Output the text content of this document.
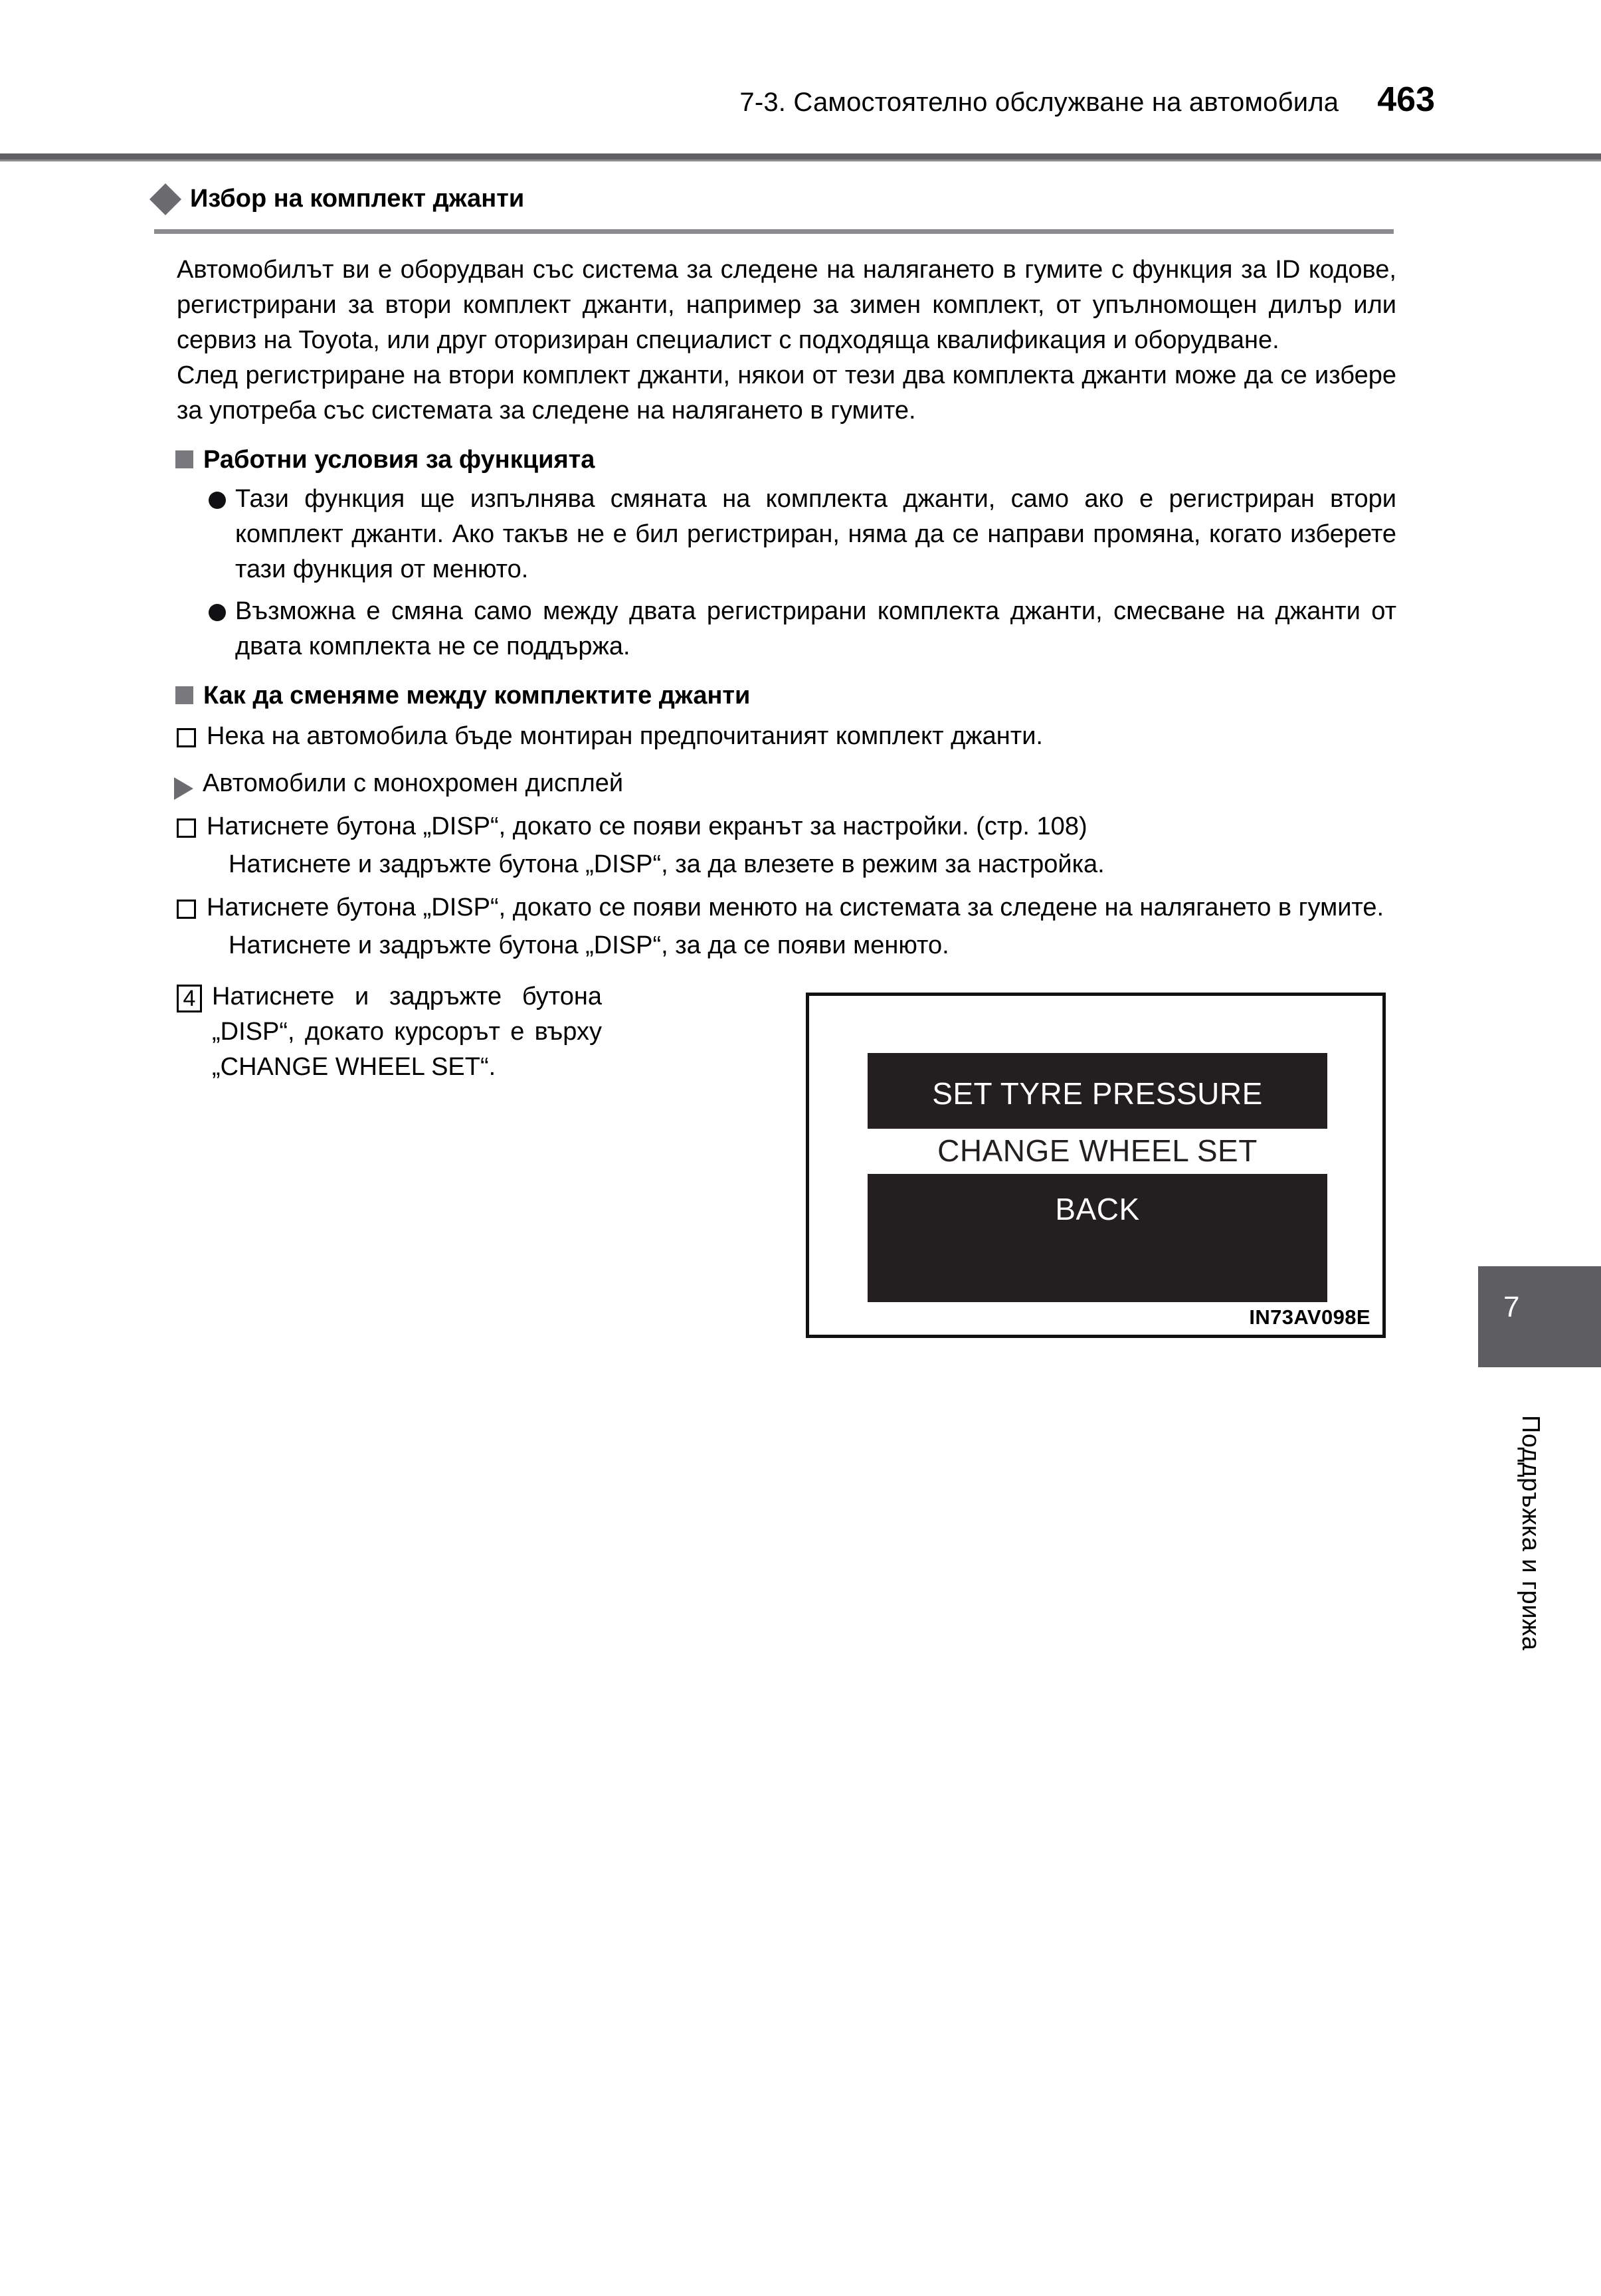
7-3. Самостоятелно обслужване на автомобила 463
Избор на комплект джанти

Автомобилът ви е оборудван със система за следене на налягането в гумите с функция за ID кодове, регистрирани за втори комплект джанти, например за зимен комплект, от упълномощен дилър или сервиз на Toyota, или друг оторизиран специалист с подходяща квалификация и оборудване.

След регистриране на втори комплект джанти, някои от тези два комплекта джанти може да се избере за употреба със системата за следене на налягането в гумите.

Работни условия за функцията
Тази функция ще изпълнява смяната на комплекта джанти, само ако е регистриран втори комплект джанти. Ако такъв не е бил регистриран, няма да се направи промяна, когато изберете тази функция от менюто.
Възможна е смяна само между двата регистрирани комплекта джанти, смесване на джанти от двата комплекта не се поддържа.
Как да сменяме между комплектите джанти
Нека на автомобила бъде монтиран предпочитаният комплект джанти.
Автомобили с монохромен дисплей
Натиснете бутона „DISP“, докато се появи екранът за настройки. (стр. 108)
Натиснете и задръжте бутона „DISP“, за да влезете в режим за настройка.
Натиснете бутона „DISP“, докато се появи менюто на системата за следене на налягането в гумите.
Натиснете и задръжте бутона „DISP“, за да се появи менюто.
4 Натиснете и задръжте бутона „DISP“, докато курсорът е върху „CHANGE WHEEL SET“.
SET TYRE PRESSURE
CHANGE WHEEL SET
BACK
IN73AV098E	7
Поддръжка и грижа
